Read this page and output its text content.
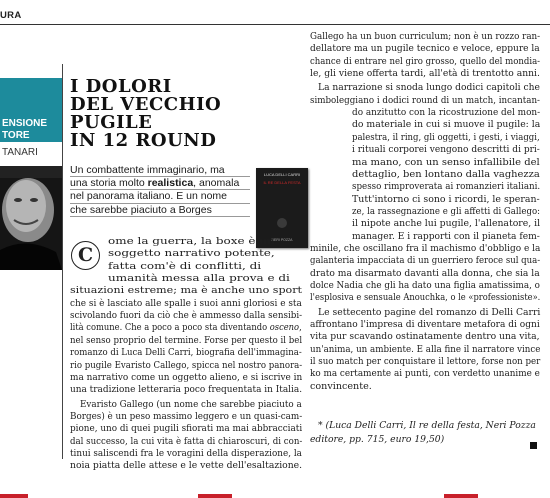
URA
ENSIONE
TORE
TANARI
I DOLORI
DEL VECCHIO
PUGILE
IN 12 ROUND
Un combattente immaginario, ma
una storia molto realistica, anomala
nel panorama italiano. E un nome
che sarebbe piaciuto a Borges
LUCA DELLI CARRI
IL RE DELLA FESTA
NERI POZZA
C
ome la guerra, la boxe è un
soggetto narrativo potente,
fatta com'è di conflitti, di
umanità messa alla prova e di
situazioni estreme; ma è anche uno sport
che si è lasciato alle spalle i suoi anni gloriosi e sta
scivolando fuori da ciò che è ammesso dalla sensibi-
lità comune. Che a poco a poco sta diventando osceno,
nel senso proprio del termine. Forse per questo il bel
romanzo di Luca Delli Carri, biografia dell'immagina-
rio pugile Evaristo Callego, spicca nel nostro panora-
ma narrativo come un oggetto alieno, e si iscrive in
una tradizione letteraria poco frequentata in Italia.
Evaristo Gallego (un nome che sarebbe piaciuto a
Borges) è un peso massimo leggero e un quasi-cam-
pione, uno di quei pugili sfiorati ma mai abbracciati
dal successo, la cui vita è fatta di chiaroscuri, di con-
tinui saliscendi fra le voragini della disperazione, la
noia piatta delle attese e le vette dell'esaltazione.
Gallego ha un buon curriculum; non è un rozzo ran-
dellatore ma un pugile tecnico e veloce, eppure la
chance di entrare nel giro grosso, quello del mondia-
le, gli viene offerta tardi, all'età di trentotto anni.
La narrazione si snoda lungo dodici capitoli che
simboleggiano i dodici round di un match, incantan-
do anzitutto con la ricostruzione del mon-
do materiale in cui si muove il pugile: la
palestra, il ring, gli oggetti, i gesti, i viaggi,
i rituali corporei vengono descritti di pri-
ma mano, con un senso infallibile del
dettaglio, ben lontano dalla vaghezza
spesso rimproverata ai romanzieri italiani.
Tutt'intorno ci sono i ricordi, le speran-
ze, la rassegnazione e gli affetti di Gallego:
il nipote anche lui pugile, l'allenatore, il
manager. E i rapporti con il pianeta fem-
minile, che oscillano fra il machismo d'obbligo e la
galanteria impacciata di un guerriero feroce sul qua-
drato ma disarmato davanti alla donna, che sia la
dolce Nadia che gli ha dato una figlia amatissima, o
l'esplosiva e sensuale Anouchka, o le «professioniste».
Le settecento pagine del romanzo di Delli Carri
affrontano l'impresa di diventare metafora di ogni
vita pur scavando ostinatamente dentro una vita,
un'anima, un ambiente. E alla fine il narratore vince
il suo match per conquistare il lettore, forse non per
ko ma certamente ai punti, con verdetto unanime e
convincente.
* (Luca Delli Carri, Il re della festa, Neri Pozza
editore, pp. 715, euro 19,50)
